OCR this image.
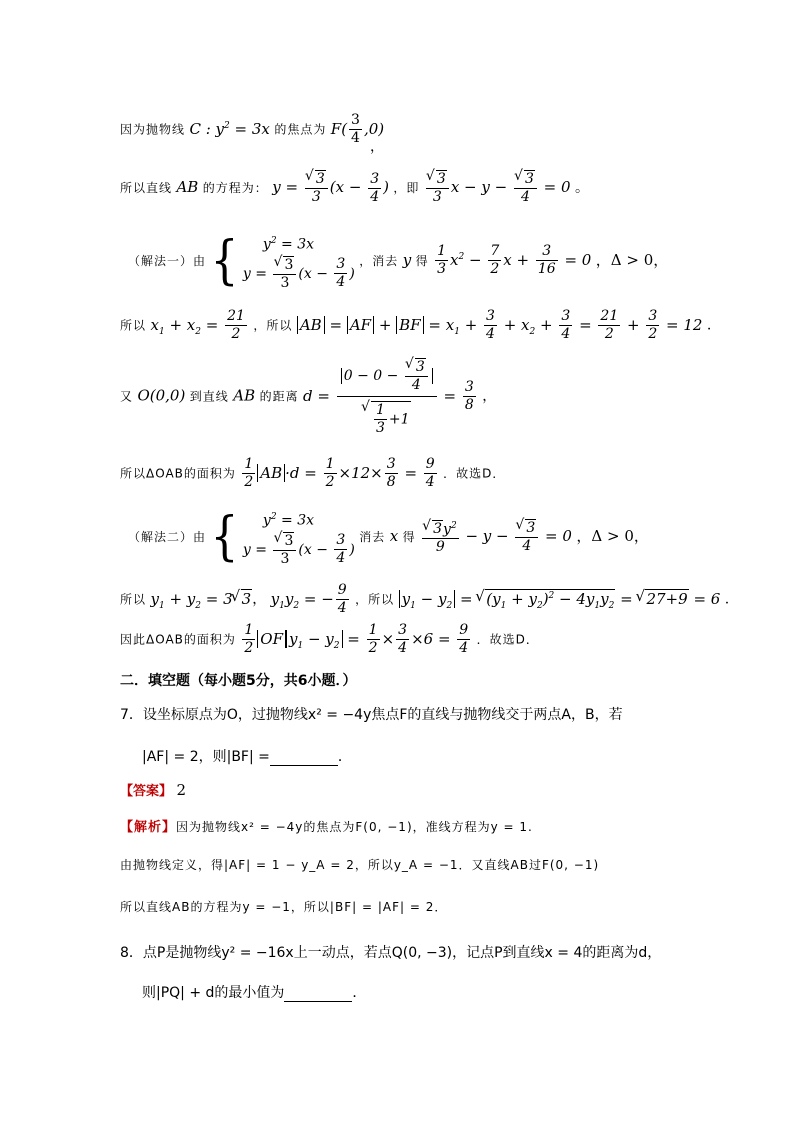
因为抛物线 C : $y^2 = 3x$ 的焦点为 $F( \frac{3}{4} ,0)$
，
所以直线 AB 的方程为： y =
√ $\frac{3}{3} (x - \frac{3}{4}$ ) ，即
√ $\frac{3}{3}$ x − y −
√ $\frac{3}{4} = 0$ 。
（解法一）由 {	$y^2 = 3x$
y =
√ $\frac{3}{3} (x - \frac{3}{4}$ )
，消去 y 得 $\frac{1}{3} x^2 - \frac{7}{2}$ $x + \frac{3}{16} = 0$ ，Δ > 0，
所以 $x_1 + x_2 = \frac{21}{2}$ ，所以 AB = AF + BF = $x_1 + \frac{3}{4} + x_2 + \frac{3}{4} = \frac{21}{2} + \frac{3}{2} = 12$ .
又 O(0,0) 到直线 AB 的距离 d = 0 − 0 −
√ $\frac{3}{4}$
√ $\frac{1}{3} +1 = \frac{3}{8}$ ，
所以ΔOAB的面积为 $\frac{1}{2}$ AB $\cdot d = \frac{1}{2} \times 12\times \frac{3}{8} = \frac{9}{4}$ ．故选D．
（解法二）由 {	$y^2 = 3x$
y =
√ $\frac{3}{3} (x - \frac{3}{4}$ )
消去 x 得
√ $\frac{3y^2}{9} - y$ −
√ $\frac{3}{4} = 0$ ，Δ > 0，
所以 $y_1 + y_2 = 3√$ 3， $y_1y_2$ = − $\frac{9}{4}$ ，所以 $y_1 - y_2$ = √ $(y_1 + y_2)^2 - 4y_1y_2$ = √ 27+9 = 6 .
因此ΔOAB的面积为 $\frac{1}{2}$ OF $y_1 - y_2 = \frac{1}{2} \times \frac{3}{4} \times 6 = \frac{9}{4}$ ．故选D．
二．填空题（每小题5分，共6小题．）
7．设坐标原点为O，过抛物线x² = −4y焦点F的直线与抛物线交于两点A，B，若
|AF| = 2，则|BF| =	．
【答案】 2
【解析】因为抛物线x² = −4y的焦点为F(0, −1)，准线方程为y = 1.
由抛物线定义，得|AF| = 1 − y_A = 2，所以y_A = −1．又直线AB过F(0, −1)
所以直线AB的方程为y = −1，所以|BF| = |AF| = 2．
8．点P是抛物线y² = −16x上一动点，若点Q(0, −3)，记点P到直线x = 4的距离为d，
则|PQ| + d的最小值为	．
